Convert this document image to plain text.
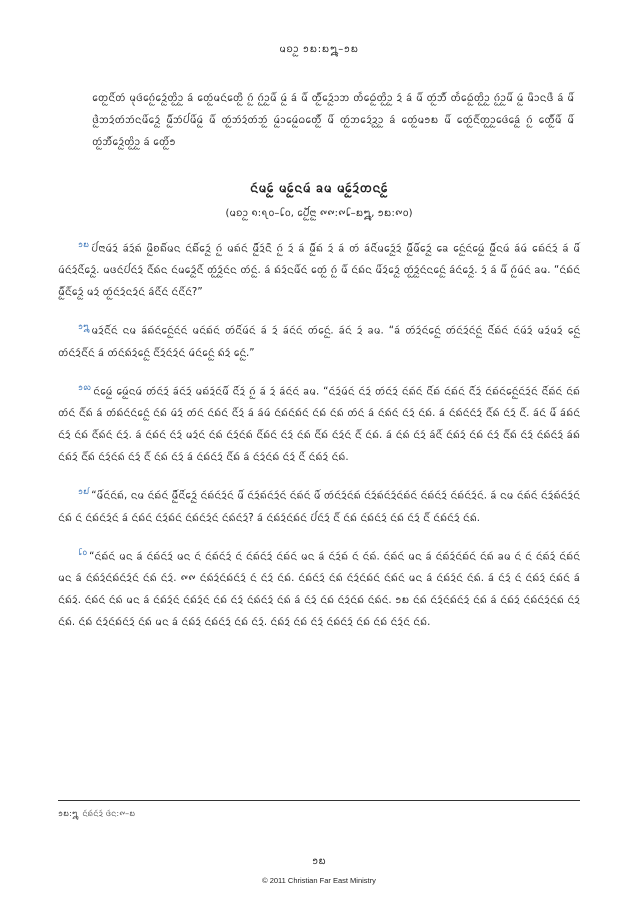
ᨾᨧᩣᩬ ᪁᪗:᪗᪘–᪁᪗

ᨲᩮᩬᨶᩨᩢᨲᩢ ᨾᩩᨴᩢᨣᩮᩢᩬᨯᩮᩢᩬᨲᩦᩬᩣᩬ ᨡᩢ ᨲᩮᩢᩬᨾᨶᩢᨲᩮᩬᩨ ᨣᩢᩬ ᨣᩢᩬᩣᩬᨾᩨᩢ ᨾᩢᩬ ᨡᩢ ᨾᩨᩢ ᨲᩢᩬᩨᩢᨯᩮᩢᩬᩣᨽ ᨲᩢᩢᨵᩮᩢᩬᨲᩦᩬᩣᩬ ᨯᩢ ᨡᩢ ᨾᩨᩢ ᨲᩢᩬᨽᩢᩨᩢ ᨲᩢᩢᨵᩮᩢᩬᨲᩦᩬᩣᩬ ᨣᩢᩬᩣᩬᨾᩨᩢ ᨾᩢᩬ ᨾᩨᩣᨶᨴᩨ ᨡᩢ ᨾᩨᩢ ᨴᩬᩫᨽᨯᩢᨲᩢᨽᩢᨶᨾᩨᩢᨯᩮᩢᩬ ᨾᩢᩬᩨᩢᨽᩢᨸᩢᨾᩨᩢᨾᩢᩬ ᨾᩨᩢ ᨲᩢᩬᨽᩢᨯᩢᨲᩢᨽᩢᩬ ᨾᩢᩬᩣᨾᩮᩢᩬᨵᨲᩮᩢᩬᩨᩢ ᨾᩨᩢ ᨲᩢᩬᨽᨯᩮᩢᨯᩬᩣᩬ ᨡᩢ ᨲᩮᩢᩬᨾ᪁᪗ ᨾᩨᩢ ᨲᩮᩢᩬᨶᩨᩢᨲᩬᩣᩬᨴᩮᩢᨡᩮᩢᩬ ᨣᩢᩬ ᨲᩮᩢᩬᩨᩢᨾᩨᩢ ᨾᩨᩢ ᨲᩢᩬᨽᩢᩨᩢᨯᩮᩢᩬᨲᩦᩬᩣᩬ ᨡᩢ ᨲᩮᩬᩨᩢ᪁

ᨶᩢᨾᩮᩢᩬ ᨾᩮᩢᩬᨶᨾᩢ ᨡᨾ ᨾᩮᩢᩬᨯᩢᨲᨶᩮᩢᩬ
(ᨾᨧᩣᩬ ᪈:᪇᪐–᪒᪐, ᨸᩮᩫᩬᩢᨶᩣᩬ ᪑᪑:᪑᪒–᪗᪘, ᪁᪗:᪑᪐)

$^{᪁᪗}$ ᨸᩢᨶᩣᨾᩢᨯᩢ ᨡᩢᨯᩢᨦᩢ ᨾᩨᩬᨧᨦᩨᩢᨾᨶ ᨶᩢᨦᩨᩢᨯᩮᩢᩬ ᨣᩢᩬ ᨾᨦᩢᨶᩢ ᨾᩢᩬᩨᩢᨯᩢᨶᩨ ᨣᩢᩬ ᨯᩢ ᨡᩢ ᨾᩢᩬᩨᩢᨦᩢ ᨯᩢ ᨡᩢ ᨲᩢ ᨡᩢᨶᩨᩢᨾᨯᩮᩢᩬᨯᩢ ᨾᩢᩬᩨᩢᨾᩨᩢᨯᩮᩢᩬ ᨡᩮ ᨶᩮᩢᩬᨶᩢᨾᩮᩢᩬ ᨾᩢᩬᩨᩢᨶᨾᩢ ᨡᩢᨾᩢ ᨦᩮᩢᨶᩢᨯᩢ ᨡᩢ ᨾᩨᩢ ᨾᩢᨶᩢᨯᩢᨶᩨᩢᨯᩮᩢᩬ. ᨾᨴᨶᩢᨸᩢᨶᩢᨯᩢ ᨶᩨᩢᨦᩢᨶ ᨶᩢᨾᨯᩮᩢᩬᨶᩨᩢ ᨲᩢᩬᨯᩢᩬᨶᩢᨶ ᨲᩢᨶᩢᩬ. ᨡᩢ ᨦᩢᨯᩢᨶᨾᩨᩢᨶᩢ ᨲᩮᩢᩬ ᨣᩢᩬ ᨾᩨᩢ ᨶᩢᨦᩢᨶ ᨾᩨᩢᨯᩢᨯᩮᩢᩬ ᨲᩢᩬᨯᩢᩬᨶᩢᨶᨶᩮᩢᩬ ᨡᩢᨶᩢᨯᩮᩢᩬ. ᨯᩢ ᨡᩢ ᨾᩨᩢ ᨣᩢᩬᨾᩢᨶᩢ ᨡᨾ. “ᨶᩢᨦᩢᨶᩢ ᨾᩢᩬᩨᩢᨶᩨᩢᨯᩮᩢᩬ ᨾᨯᩢ ᨲᩢᩬᨶᩢᨯᩢᨶᨯᩢᨶᩢ ᨡᩢᨶᩨᩢᨶᩢ ᨶᩢᨶᩨᩢᨶᩢ?”

$^{᪁᪘}$ ᨾᨯᩢᨶᩨᩢᨶᩢ ᨶᨾ ᨡᩢᨦᩢᨶᩢᨶᩮᩢᩬᨶᩢᨶᩢ ᨾᨶᩢᨦᩢᨶᩢ ᨲᩢᨶᩨᩢᨾᩢᨶᩢ ᨡᩢ ᨯᩢ ᨡᩢᨶᩢᨶᩢ ᨲᩢᨶᩮᩢᩬ. ᨡᩢᨶᩢ ᨯᩢ ᨡᨾ. “ᨡᩢ ᨲᩢᨯᩢᨶᩢᨶᩮᩢᩬ ᨲᩢᨶᩢᨯᩢᨶᩢᨶᩢᩬ ᨶᩨᩢᨦᩢᨶᩢ ᨶᩢᨾᩢᨯᩢ ᨾᨯᩢᨾᨯᩢ ᨶᩮᩢᩬ ᨲᩢᨶᩢᨯᩢᨶᩨᩢᨶᩢ ᨡᩢ ᨲᩢᨶᩢᨦᩢᨯᩢᨶᩮᩢᩬ ᨶᩨᩢᨯᩢᨶᩢᨯᩢᨶᩢ ᨾᩢᨶᩢᨶᩮᩢᩬ ᨦᩢᨯᩢ ᨶᩮᩢᩬ.”

$^{᪁᪙}$ ᨶᩢᨾᩮᩢᩬ ᨾᩮᩢᩬᨶᨾᩢ ᨲᩢᨶᩢᨯᩢ ᨡᩢᨶᩢᨯᩢ ᨾᨦᩢᨯᩢᨶᩢᨾᩨᩢ ᨶᩨᩢᨯᩢ ᨣᩢᩬ ᨡᩢ ᨯᩢ ᨡᩢᨶᩢᨶᩢ ᨡᨾ. “ᨶᩢᨯᩢᨾᩢᨶᩢ ᨶᩢᨯᩢ ᨲᩢᨶᩢᨯᩢ ᨶᩢᨦᩢᨶᩢ ᨶᩨᩢᨦᩢ ᨶᩢᨦᩢᨶᩢ ᨶᩨᩢᨯᩢ ᨶᩢᨦᩢᨶᩢᨶᩮᩢᩬᨶᩢᨯᩢᨶᩢ ᨶᩨᩢᨦᩢᨶᩢ ᨶᩢᨦᩢ ᨲᩢᨶᩢ ᨶᩨᩢᨦᩢ ᨡᩢ ᨲᩢᨦᩢᨶᩢᨶᩢᨶᩮᩢᩬ ᨶᩢᨦᩢ ᨾᩢᨯᩢ ᨲᩢᨶᩢ ᨶᩢᨦᩢᨶᩢ ᨶᩨᩢᨯᩢ ᨡᩢ ᨡᩢᨾᩢ ᨶᩢᨦᩢᨶᩢᨦᩢᨶᩢ ᨶᩢᨦᩢ ᨶᩢᨦᩢ ᨲᩢᨶᩢ ᨡᩢ ᨶᩢᨦᩢᨶᩢ ᨶᩢᨯᩢ ᨶᩢᨦᩢ. ᨡᩢ ᨶᩢᨦᩢᨶᩢᨶᩢᨯᩢ ᨶᩨᩢᨦᩢ ᨶᩢᨯᩢ ᨶᩨᩢ. ᨡᩢᨶᩢ ᨾᩨᩢ ᨡᩢᨦᩢᨶᩢ ᨶᩢᨯᩢ ᨶᩢᨦᩢ ᨶᩨᩢᨦᩢᨶᩢ ᨶᩢᨯᩢ. ᨡᩢ ᨶᩢᨦᩢᨶᩢ ᨶᩢᨯᩢ ᨾᨯᩢᨶᩢ ᨶᩢᨦᩢ ᨶᩢᨯᩢᨶᩢᨦᩢ ᨶᩨᩢᨦᩢᨶᩢ ᨶᩢᨯᩢ ᨶᩢᨦᩢ ᨶᩨᩢᨦᩢ ᨶᩢᨯᩢᨶᩢ ᨶᩨᩢ ᨶᩢᨦᩢ. ᨡᩢ ᨶᩢᨦᩢ ᨶᩢᨯᩢ ᨡᩢᨶᩨᩢ ᨶᩢᨦᩢᨯᩢ ᨶᩢᨦᩢ ᨶᩢᨯᩢ ᨶᩨᩢᨦᩢ ᨶᩢᨯᩢ ᨶᩢᨦᩢᨶᩢᨯᩢ ᨡᩢᨦᩢ ᨶᩢᨦᩢᨯᩢ ᨶᩨᩢᨦᩢ ᨶᩢᨯᩢᨶᩢᨦᩢ ᨶᩢᨯᩢ ᨶᩨᩢ ᨶᩢᨦᩢ ᨶᩢᨯᩢ ᨡᩢ ᨶᩢᨦᩢᨶᩢᨯᩢ ᨶᩨᩢᨦᩢ ᨡᩢ ᨶᩢᨯᩢᨶᩢᨦᩢ ᨶᩢᨯᩢ ᨶᩨᩢ ᨶᩢᨦᩢᨯᩢ ᨶᩢᨦᩢ.

$^{᪁᪖}$ “ᨾᩨᩢᨶᩢᨶᩢᨦᩢ, ᨶᨾ ᨶᩢᨦᩢᨶᩢ ᨾᩢᩬᩨᩢᨶᩨᩢᨯᩮᩢᩬ ᨶᩢᨦᩢᨶᩢᨯᩢᨶᩢ ᨾᩨᩢ ᨶᩢᨯᩢᨦᩢᨶᩢᨯᩢᨶᩢ ᨶᩢᨦᩢᨶᩢ ᨾᩨᩢ ᨲᩢᨶᩢᨯᩢᨶᩢᨦᩢ ᨶᩢᨯᩢᨦᩢᨶᩢᨯᩢᨶᩢᨦᩢᨶᩢ ᨶᩢᨦᩢᨶᩢᨯᩢ ᨶᩢᨦᩢᨶᩢᨯᩢᨶᩢ. ᨡᩢ ᨶᨾ ᨶᩢᨦᩢᨶᩢ ᨶᩢᨯᩢᨦᩢᨶᩢᨯᩢᨶᩢ ᨶᩢᨦᩢ ᨶᩢ ᨶᩢᨦᩢᨶᩢᨯᩢᨶᩢ ᨡᩢ ᨶᩢᨦᩢᨶᩢ ᨶᩢᨯᩢᨦᩢᨶᩢ ᨶᩢᨦᩢᨶᩢᨯᩢᨶᩢ ᨶᩢᨦᩢᨶᩢᨯᩢ? ᨡᩢ ᨶᩢᨦᩢᨯᩢᨶᩢᨦᩢᨶᩢ ᨸᩢᨶᩢᨯᩢ ᨶᩨᩢ ᨶᩢᨦᩢ ᨶᩢᨦᩢᨶᩢᨯᩢ ᨶᩢᨦᩢ ᨶᩢᨯᩢ ᨶᩨᩢ ᨶᩢᨦᩢᨶᩢᨯᩢ ᨶᩢᨦᩢ.

$^{᪒᪐}$ “ᨶᩢᨦᩢᨶᩢ ᨾᨶ ᨡᩢ ᨶᩢᨦᩢᨶᩢᨯᩢ ᨾᨶ ᨶᩢ ᨶᩢᨦᩢᨶᩢᨯᩢ ᨶᩢ ᨶᩢᨦᩢᨶᩢᨯᩢ ᨶᩢᨦᩢᨶᩢ ᨾᨶ ᨡᩢ ᨶᩢᨯᩢᨦᩢ ᨶᩢ ᨶᩢᨦᩢ. ᨶᩢᨦᩢᨶᩢ ᨾᨶ ᨡᩢ ᨶᩢᨦᩢᨯᩢᨶᩢᨦᩢᨶᩢ ᨶᩢᨦᩢ ᨡᨾ ᨶᩢ ᨶᩢ ᨶᩢᨦᩢᨯᩢ ᨶᩢᨦᩢᨶᩢ ᨾᨶ ᨡᩢ ᨶᩢᨦᩢᨯᩢᨶᩢᨦᩢᨶᩢᨯᩢᨶᩢ ᨶᩢᨦᩢ ᨶᩢᨯᩢ. ᪑᪑ ᨶᩢᨦᩢᨯᩢᨶᩢᨦᩢᨶᩢᨯᩢ ᨶᩢ ᨶᩢᨯᩢ ᨶᩢᨦᩢ. ᨶᩢᨦᩢᨶᩢᨯᩢ ᨶᩢᨦᩢ ᨶᩢᨯᩢᨶᩢᨦᩢᨶᩢ ᨶᩢᨦᩢᨶᩢ ᨾᨶ ᨡᩢ ᨶᩢᨦᩢᨯᩢᨶᩢ ᨶᩢᨦᩢ. ᨡᩢ ᨶᩢᨯᩢ ᨶᩢ ᨶᩢᨦᩢᨯᩢ ᨶᩢᨦᩢᨶᩢ ᨡᩢ ᨶᩢᨦᩢᨯᩢ. ᨶᩢᨦᩢᨶᩢ ᨶᩢᨦᩢ ᨾᨶ ᨡᩢ ᨶᩢᨦᩢᨯᩢᨶᩢ ᨶᩢᨦᩢᨯᩢᨶᩢ ᨶᩢᨦᩢ ᨶᩢᨯᩢ ᨶᩢᨦᩢᨶᩢᨯᩢ ᨶᩢᨦᩢ ᨡᩢ ᨶᩢᨯᩢ ᨶᩢᨦᩢ ᨶᩢᨯᩢᨶᩢᨦᩢ ᨶᩢᨦᩢᨶᩢ. ᪁᪗ ᨶᩢᨦᩢ ᨶᩢᨯᩢᨶᩢᨦᩢᨶᩢᨯᩢ ᨶᩢᨦᩢ ᨡᩢ ᨶᩢᨦᩢᨯᩢ ᨶᩢᨦᩢᨶᩢᨯᩢᨶᩢᨦᩢ ᨶᩢᨯᩢ ᨶᩢᨦᩢ. ᨶᩢᨦᩢ ᨶᩢᨯᩢᨶᩢᨦᩢᨶᩢᨯᩢ ᨶᩢᨦᩢ ᨾᨶ ᨡᩢ ᨶᩢᨦᩢᨯᩢ ᨶᩢᨦᩢᨶᩢᨯᩢ ᨶᩢᨦᩢ ᨶᩢᨯᩢ. ᨶᩢᨦᩢᨯᩢ ᨶᩢᨦᩢ ᨶᩢᨯᩢ ᨶᩢᨦᩢᨶᩢᨯᩢ ᨶᩢᨦᩢ ᨶᩢᨦᩢ ᨶᩢᨯᩢᨶᩢ ᨶᩢᨦᩢ.

᪁᪗:᪘ ᨶᩢᨦᩢᨶᩢᨯᩢ ᨴᩢᨶ:᪑–᪗
᪁᪗
© 2011 Christian Far East Ministry
